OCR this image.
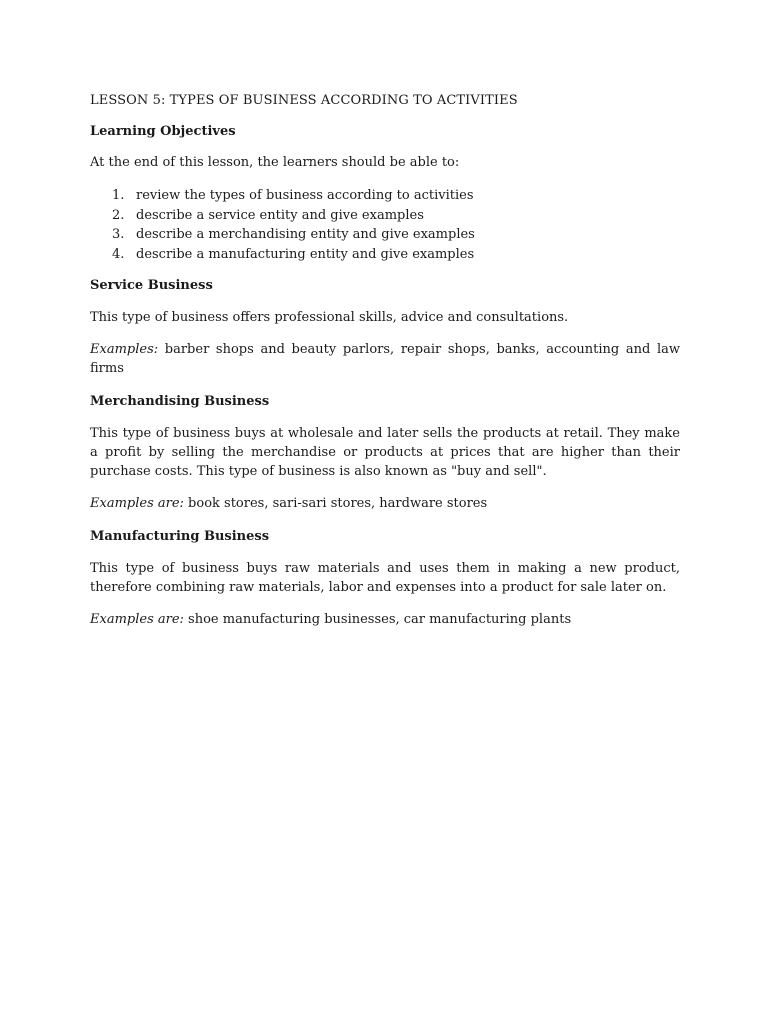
LESSON 5: TYPES OF BUSINESS ACCORDING TO ACTIVITIES
Learning Objectives

At the end of this lesson, the learners should be able to:

1. review the types of business according to activities
2. describe a service entity and give examples
3. describe a merchandising entity and give examples
4. describe a manufacturing entity and give examples
Service Business

This type of business offers professional skills, advice and consultations.

Examples: barber shops and beauty parlors, repair shops, banks, accounting and law firms

Merchandising Business

This type of business buys at wholesale and later sells the products at retail. They make a profit by selling the merchandise or products at prices that are higher than their purchase costs. This type of business is also known as "buy and sell".

Examples are: book stores, sari-sari stores, hardware stores

Manufacturing Business

This type of business buys raw materials and uses them in making a new product, therefore combining raw materials, labor and expenses into a product for sale later on.

Examples are: shoe manufacturing businesses, car manufacturing plants
